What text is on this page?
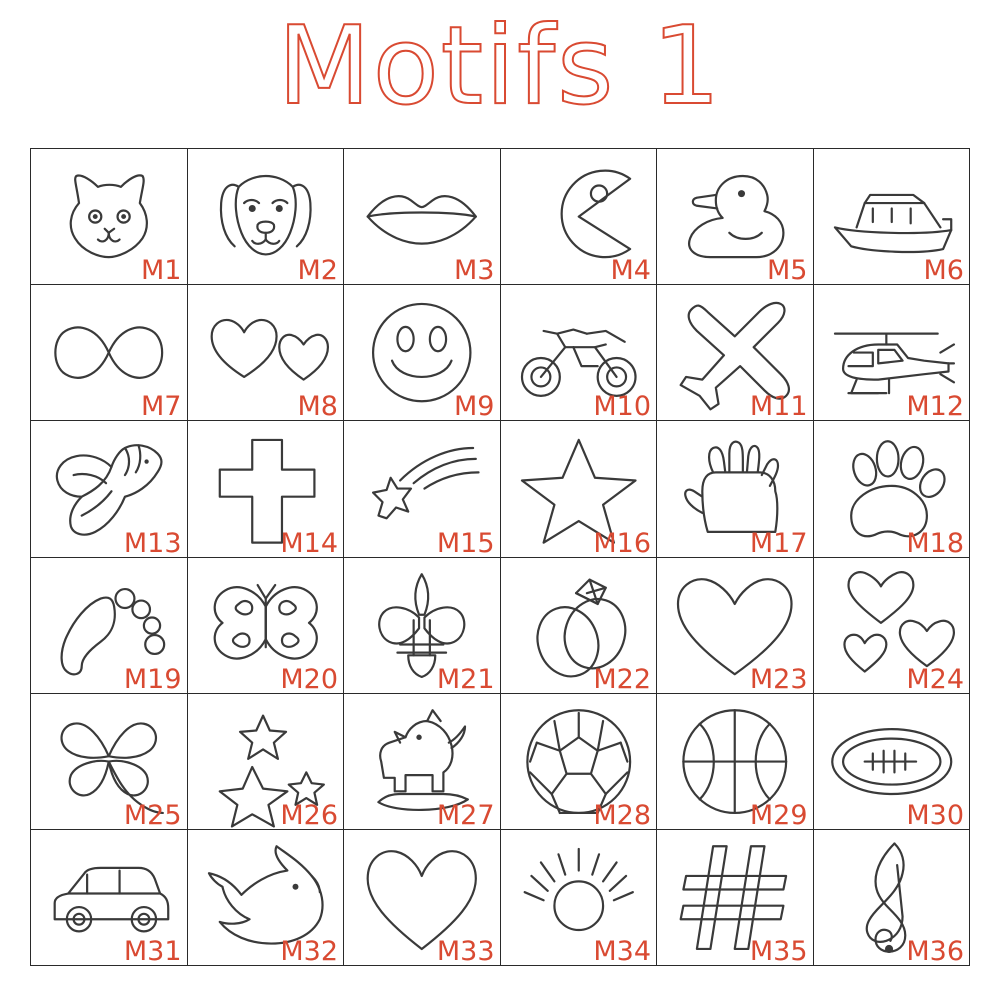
Motifs 1
M1	M2	M3	M4	M5	M6
M7	M8	M9	M10	M11	M12
M13	M14	M15	M16	M17	M18
M19	M20	M21	M22	M23	M24
M25	M26	M27	M28	M29	M30
M31	M32	M33	M34	M35	M36
